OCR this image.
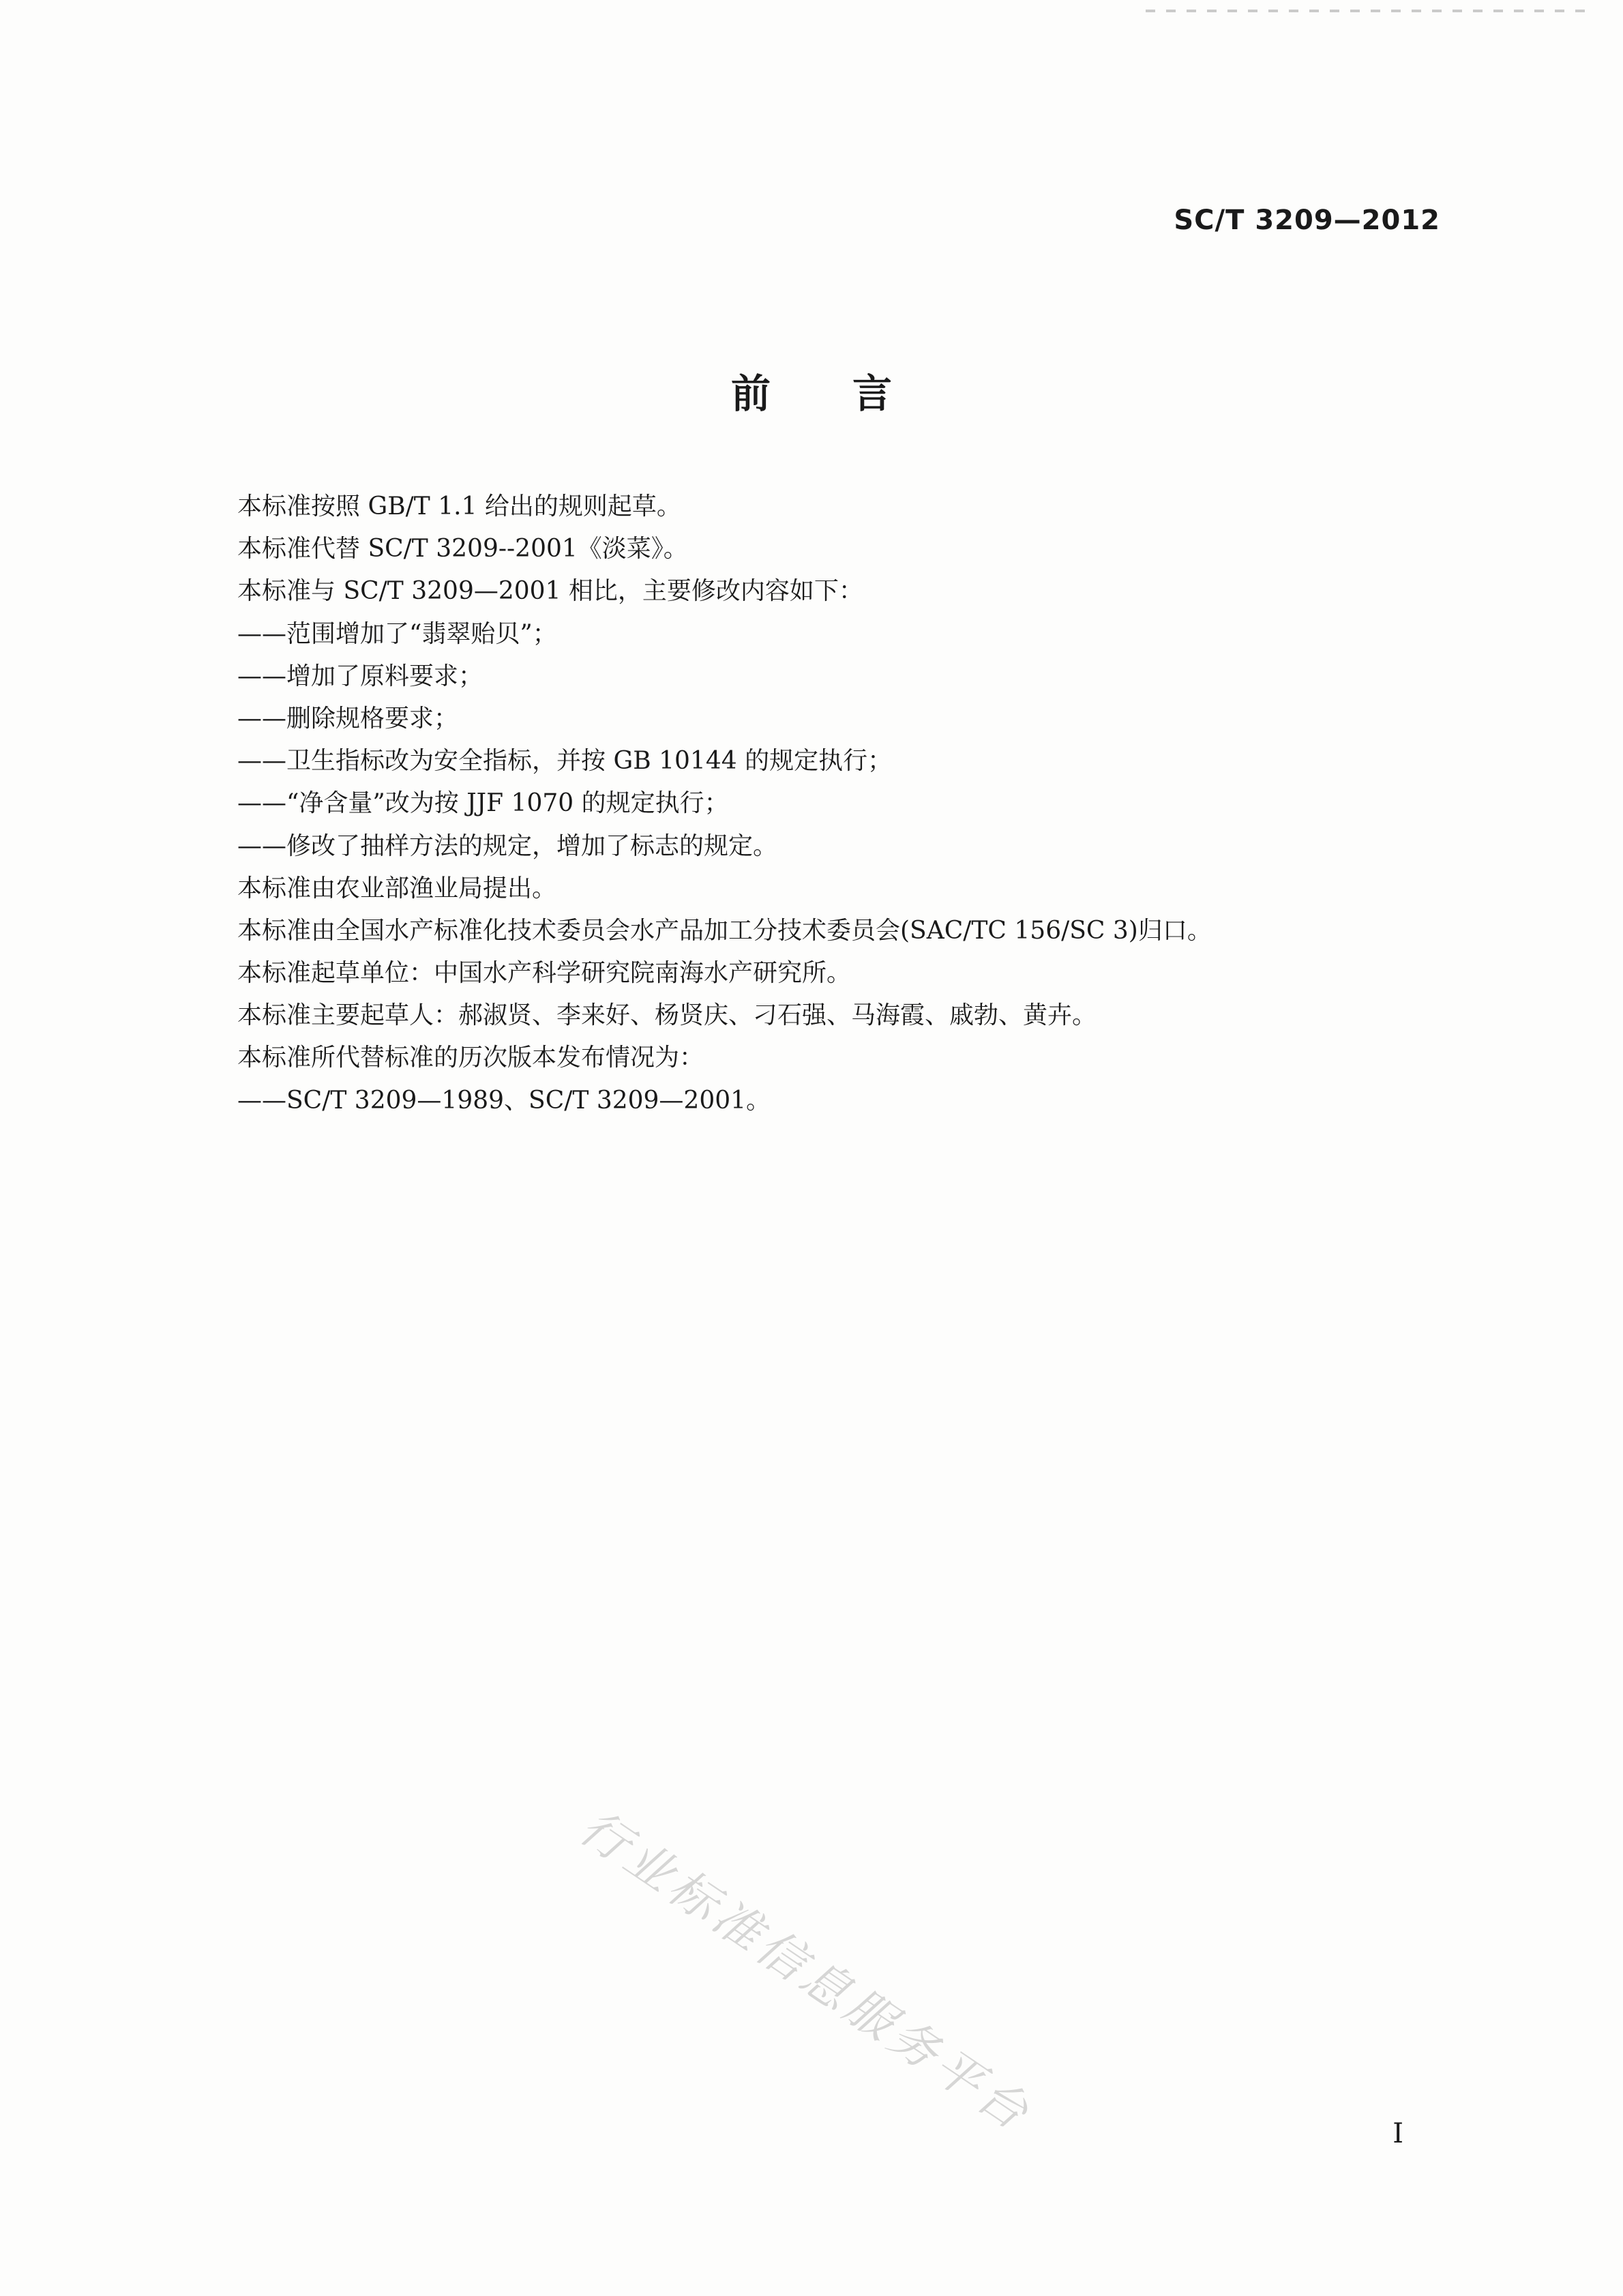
SC/T 3209—2012
前言
本标准按照 GB/T 1.1 给出的规则起草。
本标准代替 SC/T 3209--2001《淡菜》。
本标准与 SC/T 3209—2001 相比，主要修改内容如下：
——范围增加了“翡翠贻贝”；
——增加了原料要求；
——删除规格要求；
——卫生指标改为安全指标，并按 GB 10144 的规定执行；
——“净含量”改为按 JJF 1070 的规定执行；
——修改了抽样方法的规定，增加了标志的规定。
本标准由农业部渔业局提出。
本标准由全国水产标准化技术委员会水产品加工分技术委员会(SAC/TC 156/SC 3)归口。
本标准起草单位：中国水产科学研究院南海水产研究所。
本标准主要起草人：郝淑贤、李来好、杨贤庆、刁石强、马海霞、戚勃、黄卉。
本标准所代替标准的历次版本发布情况为：
——SC/T 3209—1989、SC/T 3209—2001。
行业标准信息服务平台	I
